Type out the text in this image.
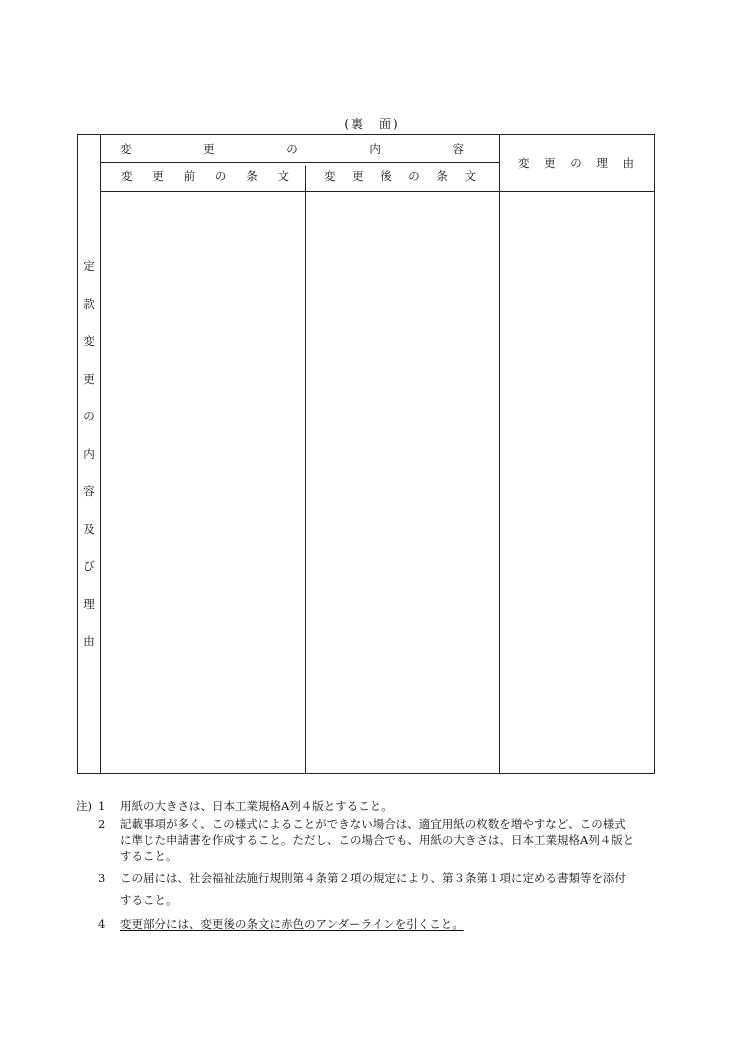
(裏　面)
変	更	の	内	容
変 更 前 の 条 文	変 更 後 の 条 文
変 更 の 理 由
定
款
変
更
の
内
容
及
び
理
由
注) 1 用紙の大きさは、日本工業規格A列４版とすること。
2 記載事項が多く、この様式によることができない場合は、適宜用紙の枚数を増やすなど、この様式
に準じた申請書を作成すること。ただし、この場合でも、用紙の大きさは、日本工業規格A列４版と
すること。
3 この届には、社会福祉法施行規則第４条第２項の規定により、第３条第１項に定める書類等を添付
すること。
4 変更部分には、変更後の条文に赤色のアンダーラインを引くこと。
